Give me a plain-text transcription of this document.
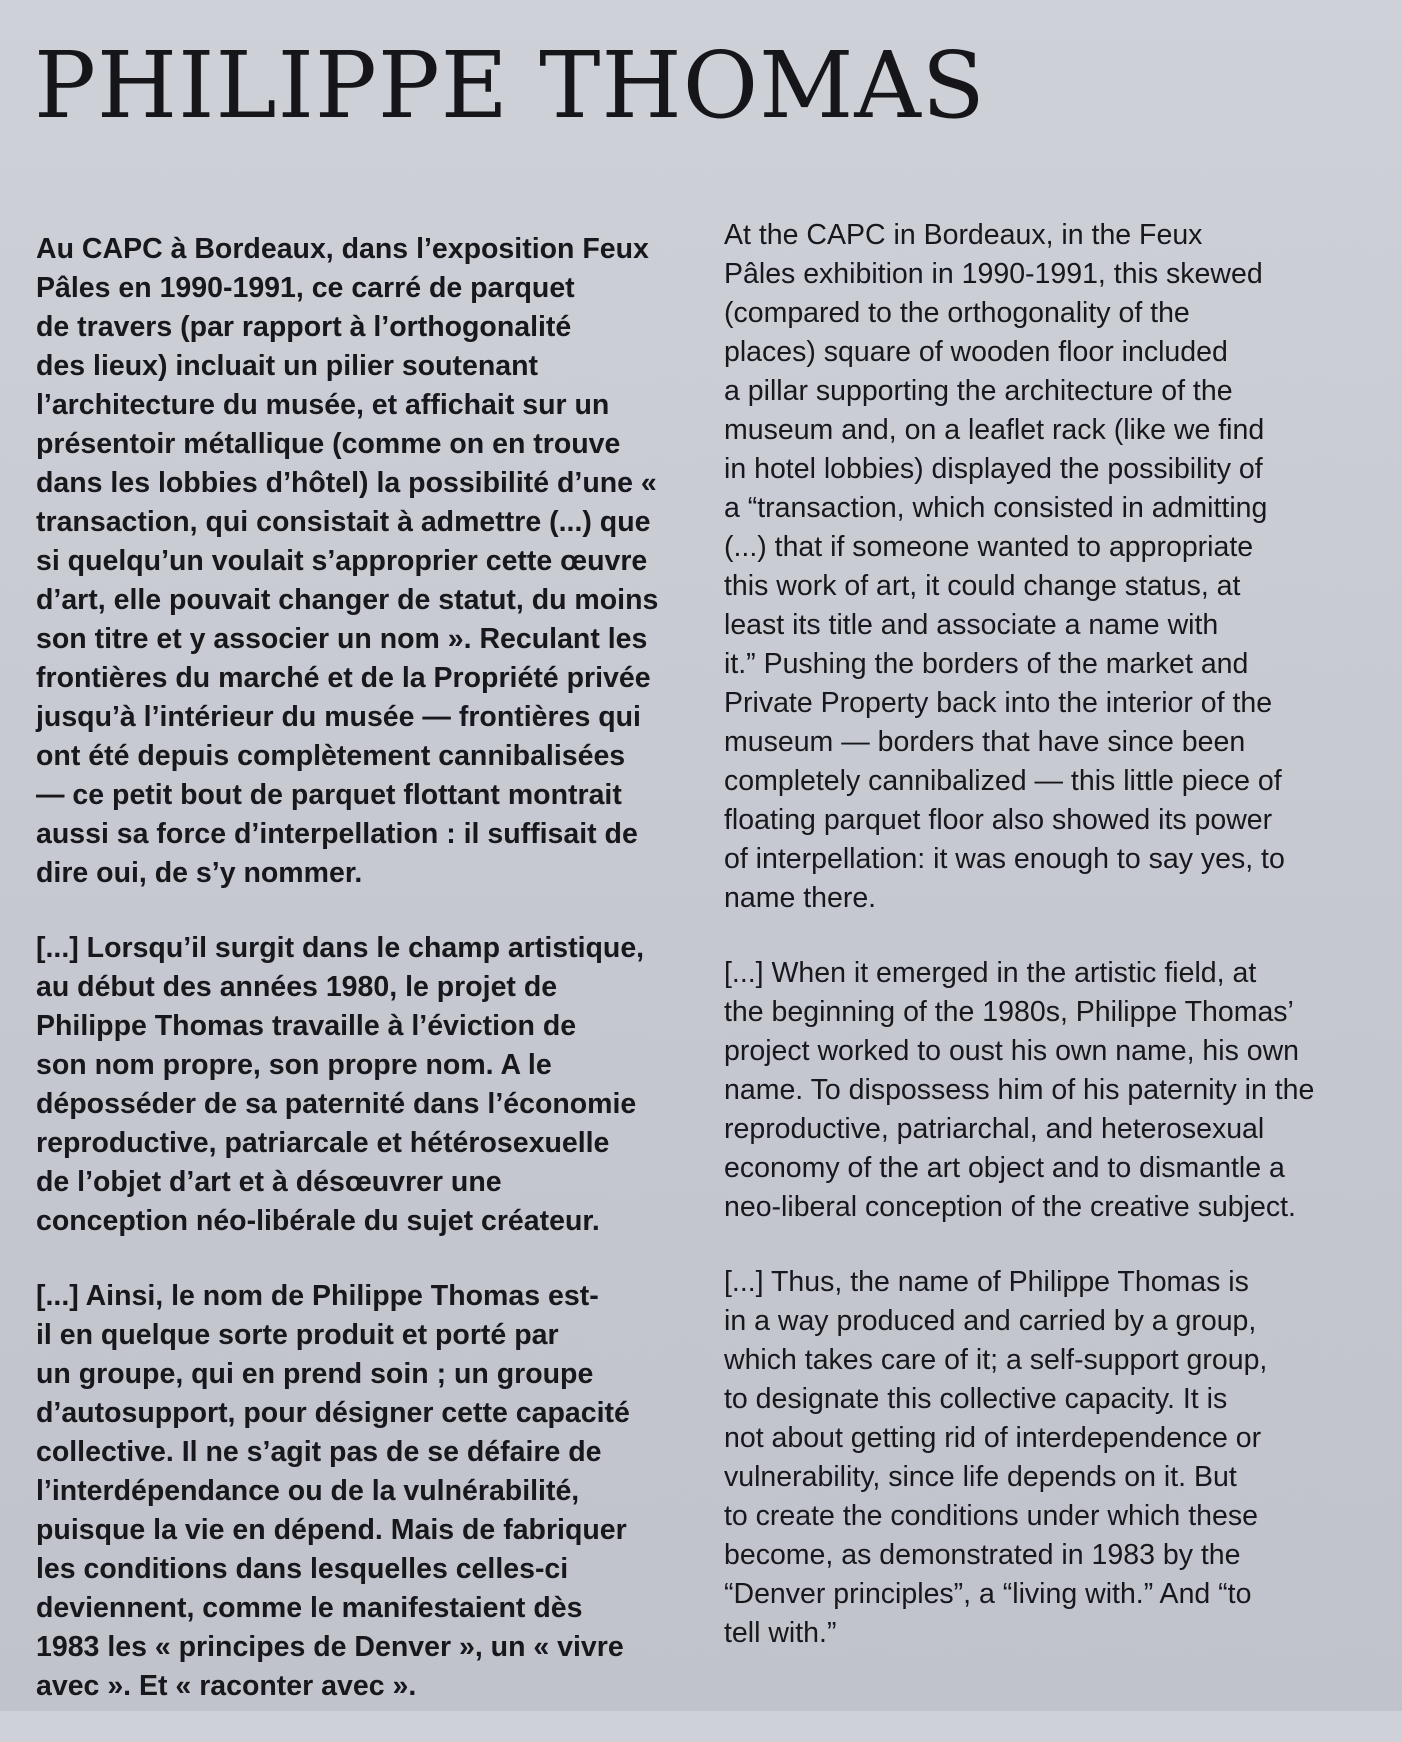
PHILIPPE THOMAS

Au CAPC à Bordeaux, dans l’exposition Feux
Pâles en 1990-1991, ce carré de parquet
de travers (par rapport à l’orthogonalité
des lieux) incluait un pilier soutenant
l’architecture du musée, et affichait sur un
présentoir métallique (comme on en trouve
dans les lobbies d’hôtel) la possibilité d’une «
transaction, qui consistait à admettre (...) que
si quelqu’un voulait s’approprier cette œuvre
d’art, elle pouvait changer de statut, du moins
son titre et y associer un nom ». Reculant les
frontières du marché et de la Propriété privée
jusqu’à l’intérieur du musée — frontières qui
ont été depuis complètement cannibalisées
— ce petit bout de parquet flottant montrait
aussi sa force d’interpellation : il suffisait de
dire oui, de s’y nommer.

[...] Lorsqu’il surgit dans le champ artistique,
au début des années 1980, le projet de
Philippe Thomas travaille à l’éviction de
son nom propre, son propre nom. A le
déposséder de sa paternité dans l’économie
reproductive, patriarcale et hétérosexuelle
de l’objet d’art et à désœuvrer une
conception néo-libérale du sujet créateur.

[...] Ainsi, le nom de Philippe Thomas est-
il en quelque sorte produit et porté par
un groupe, qui en prend soin ; un groupe
d’autosupport, pour désigner cette capacité
collective. Il ne s’agit pas de se défaire de
l’interdépendance ou de la vulnérabilité,
puisque la vie en dépend. Mais de fabriquer
les conditions dans lesquelles celles-ci
deviennent, comme le manifestaient dès
1983 les « principes de Denver », un « vivre
avec ». Et « raconter avec ».

At the CAPC in Bordeaux, in the Feux
Pâles exhibition in 1990-1991, this skewed
(compared to the orthogonality of the
places) square of wooden floor included
a pillar supporting the architecture of the
museum and, on a leaflet rack (like we find
in hotel lobbies) displayed the possibility of
a “transaction, which consisted in admitting
(...) that if someone wanted to appropriate
this work of art, it could change status, at
least its title and associate a name with
it.” Pushing the borders of the market and
Private Property back into the interior of the
museum — borders that have since been
completely cannibalized — this little piece of
floating parquet floor also showed its power
of interpellation: it was enough to say yes, to
name there.

[...] When it emerged in the artistic field, at
the beginning of the 1980s, Philippe Thomas’
project worked to oust his own name, his own
name. To dispossess him of his paternity in the
reproductive, patriarchal, and heterosexual
economy of the art object and to dismantle a
neo-liberal conception of the creative subject.

[...] Thus, the name of Philippe Thomas is
in a way produced and carried by a group,
which takes care of it; a self-support group,
to designate this collective capacity. It is
not about getting rid of interdependence or
vulnerability, since life depends on it. But
to create the conditions under which these
become, as demonstrated in 1983 by the
“Denver principles”, a “living with.” And “to
tell with.”
